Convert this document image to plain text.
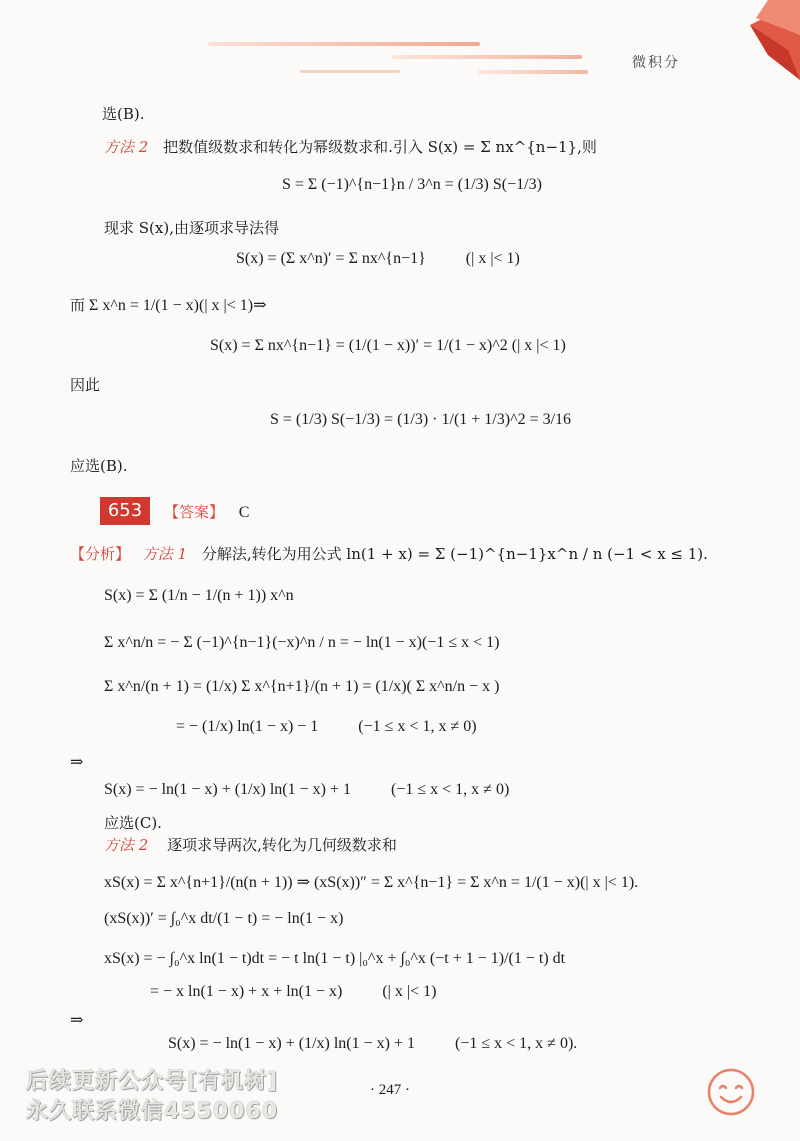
微积分
选(B).
方法 2 把数值级数求和转化为幂级数求和.引入 S(x) = Σ nx^{n−1},则
S = Σ (−1)^{n−1}n / 3^n = (1/3) S(−1/3)
现求 S(x),由逐项求导法得
S(x) = (Σ x^n)′ = Σ nx^{n−1}	(| x |< 1)
而 Σ x^n = 1/(1 − x)(| x |< 1)⇒
S(x) = Σ nx^{n−1} = (1/(1 − x))′ = 1/(1 − x)^2 (| x |< 1)
因此
S = (1/3) S(−1/3) = (1/3) · 1/(1 + 1/3)^2 = 3/16
应选(B).
653	【答案】 C
【分析】 方法 1 分解法,转化为用公式 ln(1 + x) = Σ (−1)^{n−1}x^n / n (−1 < x ≤ 1).
S(x) = Σ (1/n − 1/(n + 1)) x^n
Σ x^n/n = − Σ (−1)^{n−1}(−x)^n / n = − ln(1 − x)(−1 ≤ x < 1)
Σ x^n/(n + 1) = (1/x) Σ x^{n+1}/(n + 1) = (1/x)( Σ x^n/n − x )
= − (1/x) ln(1 − x) − 1	(−1 ≤ x < 1, x ≠ 0)
⇒
S(x) = − ln(1 − x) + (1/x) ln(1 − x) + 1	(−1 ≤ x < 1, x ≠ 0)
应选(C).
方法 2 逐项求导两次,转化为几何级数求和
xS(x) = Σ x^{n+1}/(n(n + 1)) ⇒ (xS(x))″ = Σ x^{n−1} = Σ x^n = 1/(1 − x)(| x |< 1).
(xS(x))′ = ∫₀^x dt/(1 − t) = − ln(1 − x)
xS(x) = − ∫₀^x ln(1 − t)dt = − t ln(1 − t) |₀^x + ∫₀^x (−t + 1 − 1)/(1 − t) dt
= − x ln(1 − x) + x + ln(1 − x)	(| x |< 1)
⇒
S(x) = − ln(1 − x) + (1/x) ln(1 − x) + 1	(−1 ≤ x < 1, x ≠ 0).
后续更新公众号[有机树]
永久联系微信4550060
· 247 ·
